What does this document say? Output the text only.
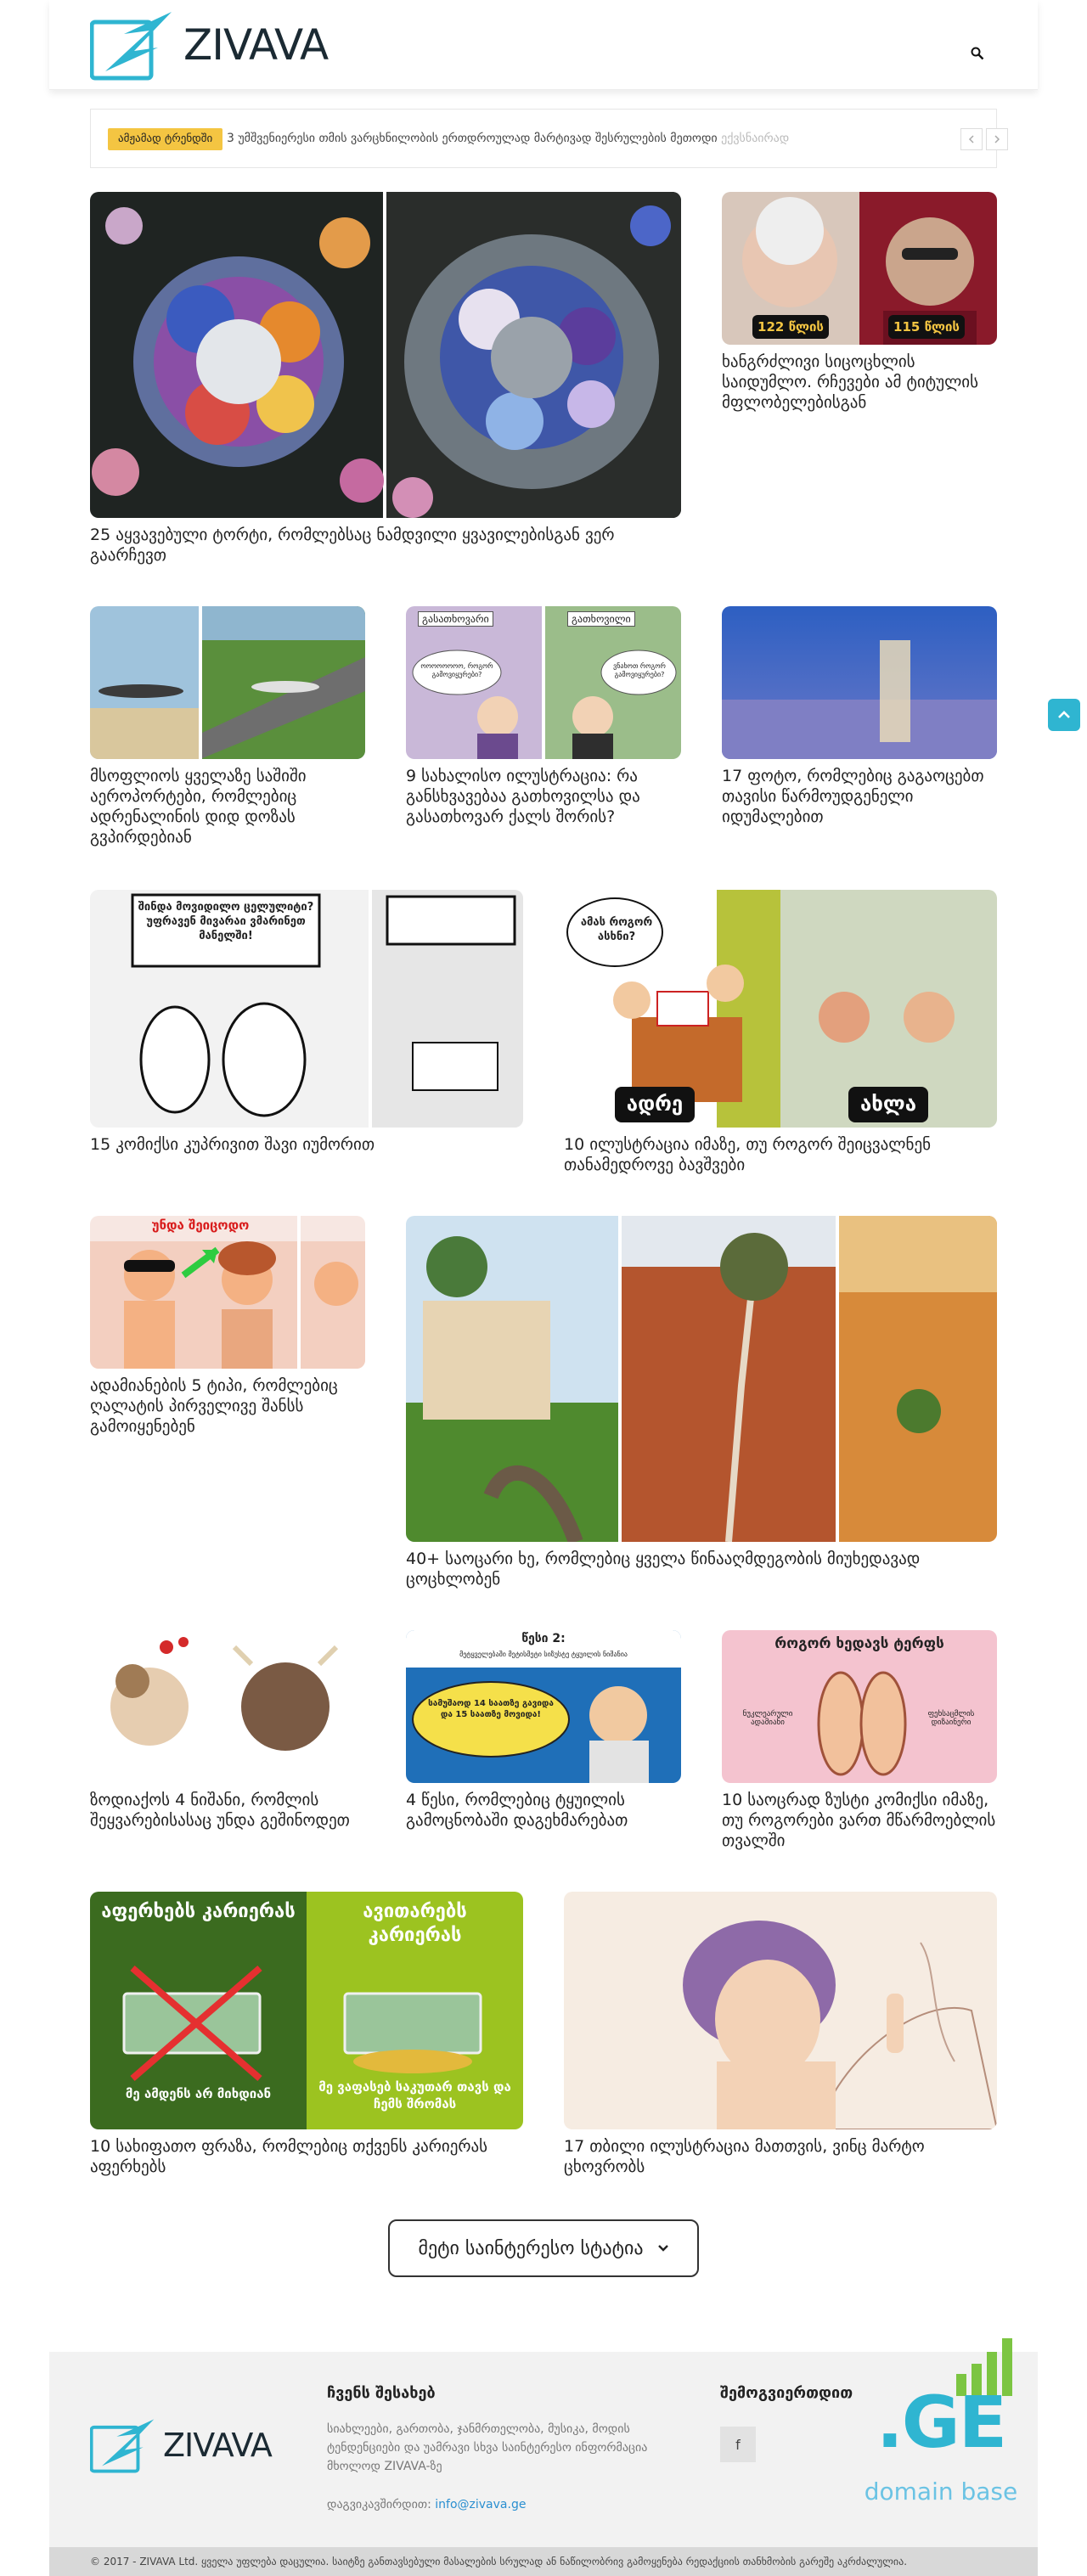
ZIVAVA
ამჟამად ტრენდში	3 უმშვენიერესი თმის ვარცხნილობის ერთდროულად მარტივად შესრულების მეთოდი ექვსნაირად
25 აყვავებული ტორტი, რომლებსაც ნამდვილი ყვავილებისგან ვერ გაარჩევთ
122 წლის	115 წლის
ხანგრძლივი სიცოცხლის საიდუმლო. რჩევები ამ ტიტულის მფლობელებისგან
მსოფლიოს ყველაზე საშიში აეროპორტები, რომლებიც ადრენალინის დიდ დოზას გვპირდებიან
გასათხოვარი	გათხოვილი
ოოოოოოოო, როგორ გამოვიყურები?
ვნახოთ როგორ გამოვიყურები?
9 სახალისო ილუსტრაცია: რა განსხვავებაა გათხოვილსა და გასათხოვარ ქალს შორის?
17 ფოტო, რომლებიც გაგაოცებთ თავისი წარმოუდგენელი იდუმალებით
შინდა მოვიდილო ცელულიტი? უფრავენ მივარაი ვმარინეთ მანელში!
15 კომიქსი კუპრივით შავი იუმორით
ამას როგორ ასხნი?
ადრე	ახლა
10 ილუსტრაცია იმაზე, თუ როგორ შეიცვალნენ თანამედროვე ბავშვები
უნდა შეიცოდო
ადამიანების 5 ტიპი, რომლებიც ღალატის პირველივე შანსს გამოიყენებენ
40+ საოცარი ხე, რომლებიც ყველა წინააღმდეგობის მიუხედავად ცოცხლობენ
ზოდიაქოს 4 ნიშანი, რომლის შეყვარებისასაც უნდა გეშინოდეთ
წესი 2:
მეტყველებაში მეტისმეტი სიზუსტე ტყუილის ნიშანია
სამუშაოდ 14 საათზე გავიდა და 15 საათზე მოვიდა!
4 წესი, რომლებიც ტყუილის გამოცნობაში დაგეხმარებათ
როგორ ხედავს ტერფს
ნუკლეარული ადამიანი
ფეხსაცმლის დიზაინერი
10 საოცრად ზუსტი კომიქსი იმაზე, თუ როგორები ვართ მწარმოებლის თვალში
აფერხებს კარიერას	ავითარებს კარიერას
მე ამდენს არ მიხდიან	მე ვაფასებ საკუთარ თავს და ჩემს შრომას
10 სახიფათო ფრაზა, რომლებიც თქვენს კარიერას აფერხებს
17 თბილი ილუსტრაცია მათთვის, ვინც მარტო ცხოვრობს
მეტი საინტერესო სტატია
ZIVAVA
ჩვენს შესახებ
სიახლეები, გართობა, ჯანმრთელობა, მუსიკა, მოდის ტენდენციები და უამრავი სხვა საინტერესო ინფორმაცია მხოლოდ ZIVAVA-ზე
დაგვიკავშირდით: info@zivava.ge
შემოგვიერთდით
f	.GE
domain base
© 2017 - ZIVAVA Ltd. ყველა უფლება დაცულია. საიტზე განთავსებული მასალების სრულად ან ნაწილობრივ გამოყენება რედაქციის თანხმობის გარეშე აკრძალულია.
